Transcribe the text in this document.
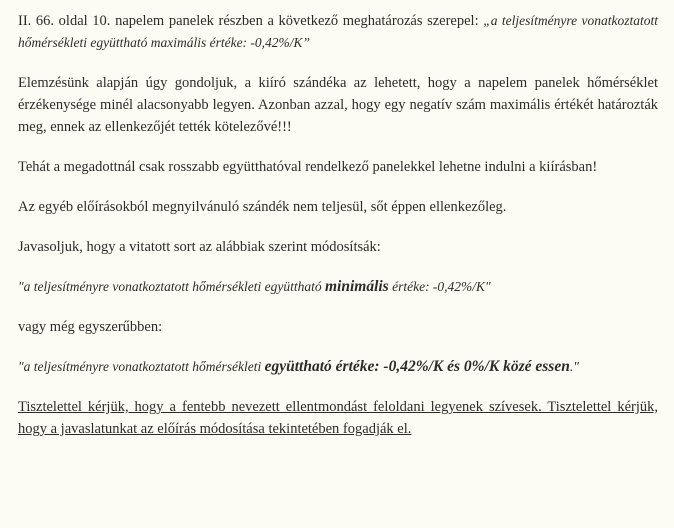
II. 66. oldal 10. napelem panelek részben a következő meghatározás szerepel: „a teljesítményre vonatkoztatott hőmérsékleti együttható maximális értéke: -0,42%/K”

Elemzésünk alapján úgy gondoljuk, a kiíró szándéka az lehetett, hogy a napelem panelek hőmérséklet érzékenysége minél alacsonyabb legyen. Azonban azzal, hogy egy negatív szám maximális értékét határozták meg, ennek az ellenkezőjét tették kötelezővé!!!

Tehát a megadottnál csak rosszabb együtthatóval rendelkező panelekkel lehetne indulni a kiírásban!

Az egyéb előírásokból megnyilvánuló szándék nem teljesül, sőt éppen ellenkezőleg.

Javasoljuk, hogy a vitatott sort az alábbiak szerint módosítsák:

"a teljesítményre vonatkoztatott hőmérsékleti együttható minimális értéke: -0,42%/K"

vagy még egyszerűbben:

"a teljesítményre vonatkoztatott hőmérsékleti együttható értéke: -0,42%/K és 0%/K közé essen."

Tisztelettel kérjük, hogy a fentebb nevezett ellentmondást feloldani legyenek szívesek. Tisztelettel kérjük, hogy a javaslatunkat az előírás módosítása tekintetében fogadják el.
